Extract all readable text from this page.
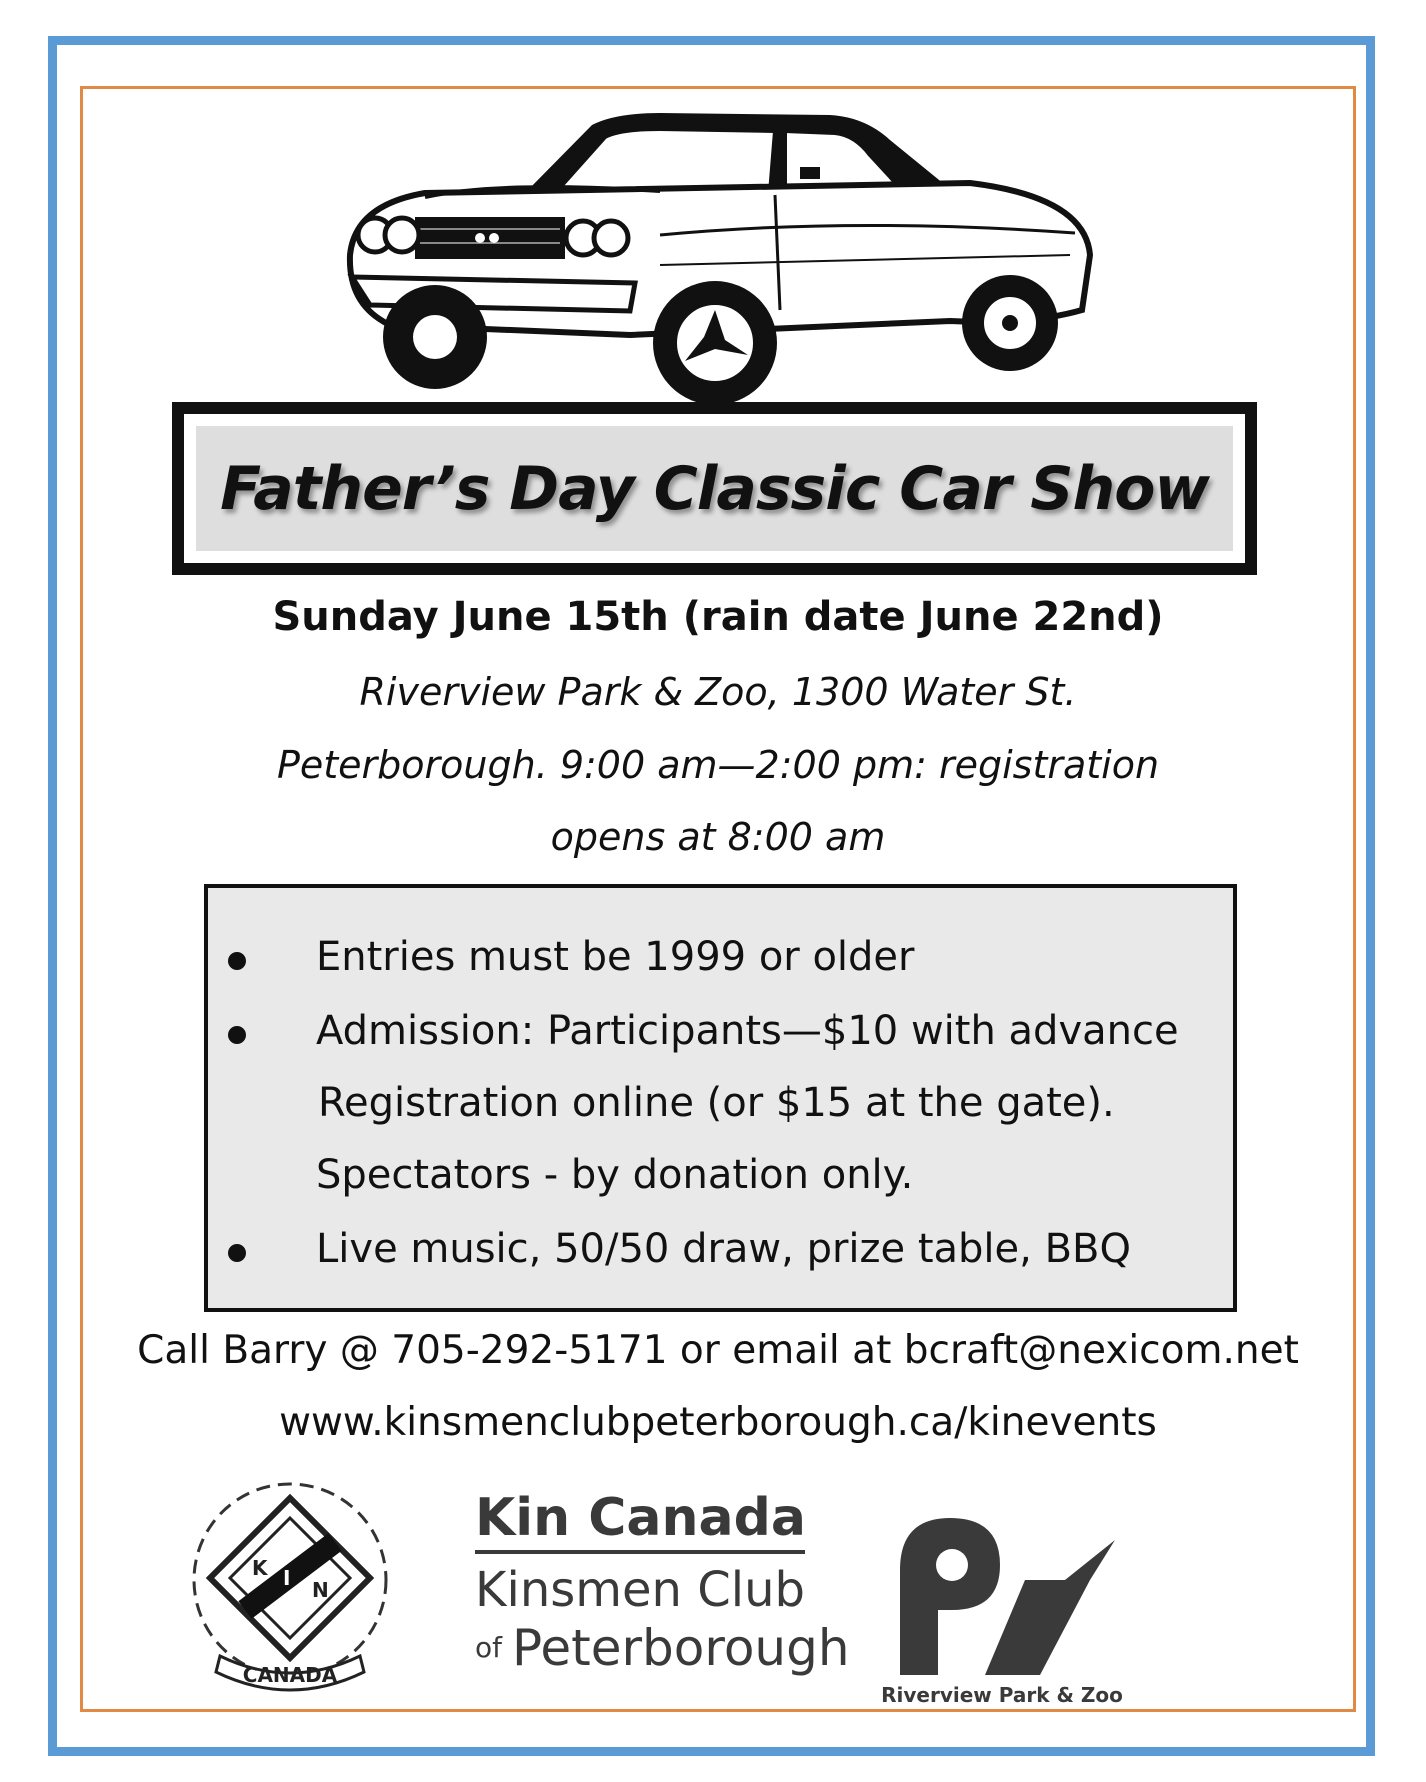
Father’s Day Classic Car Show
Sunday June 15th (rain date June 22nd)
Riverview Park & Zoo, 1300 Water St.
Peterborough. 9:00 am—2:00 pm: registration
opens at 8:00 am
Entries must be 1999 or older
Admission: Participants—$10 with advance
Registration online (or $15 at the gate).
Spectators - by donation only.
Live music, 50/50 draw, prize table, BBQ
Call Barry @ 705-292-5171 or email at bcraft@nexicom.net
www.kinsmenclubpeterborough.ca/kinevents
K I N
CANADA
Kin Canada
Kinsmen Club
of Peterborough
Riverview Park & Zoo
